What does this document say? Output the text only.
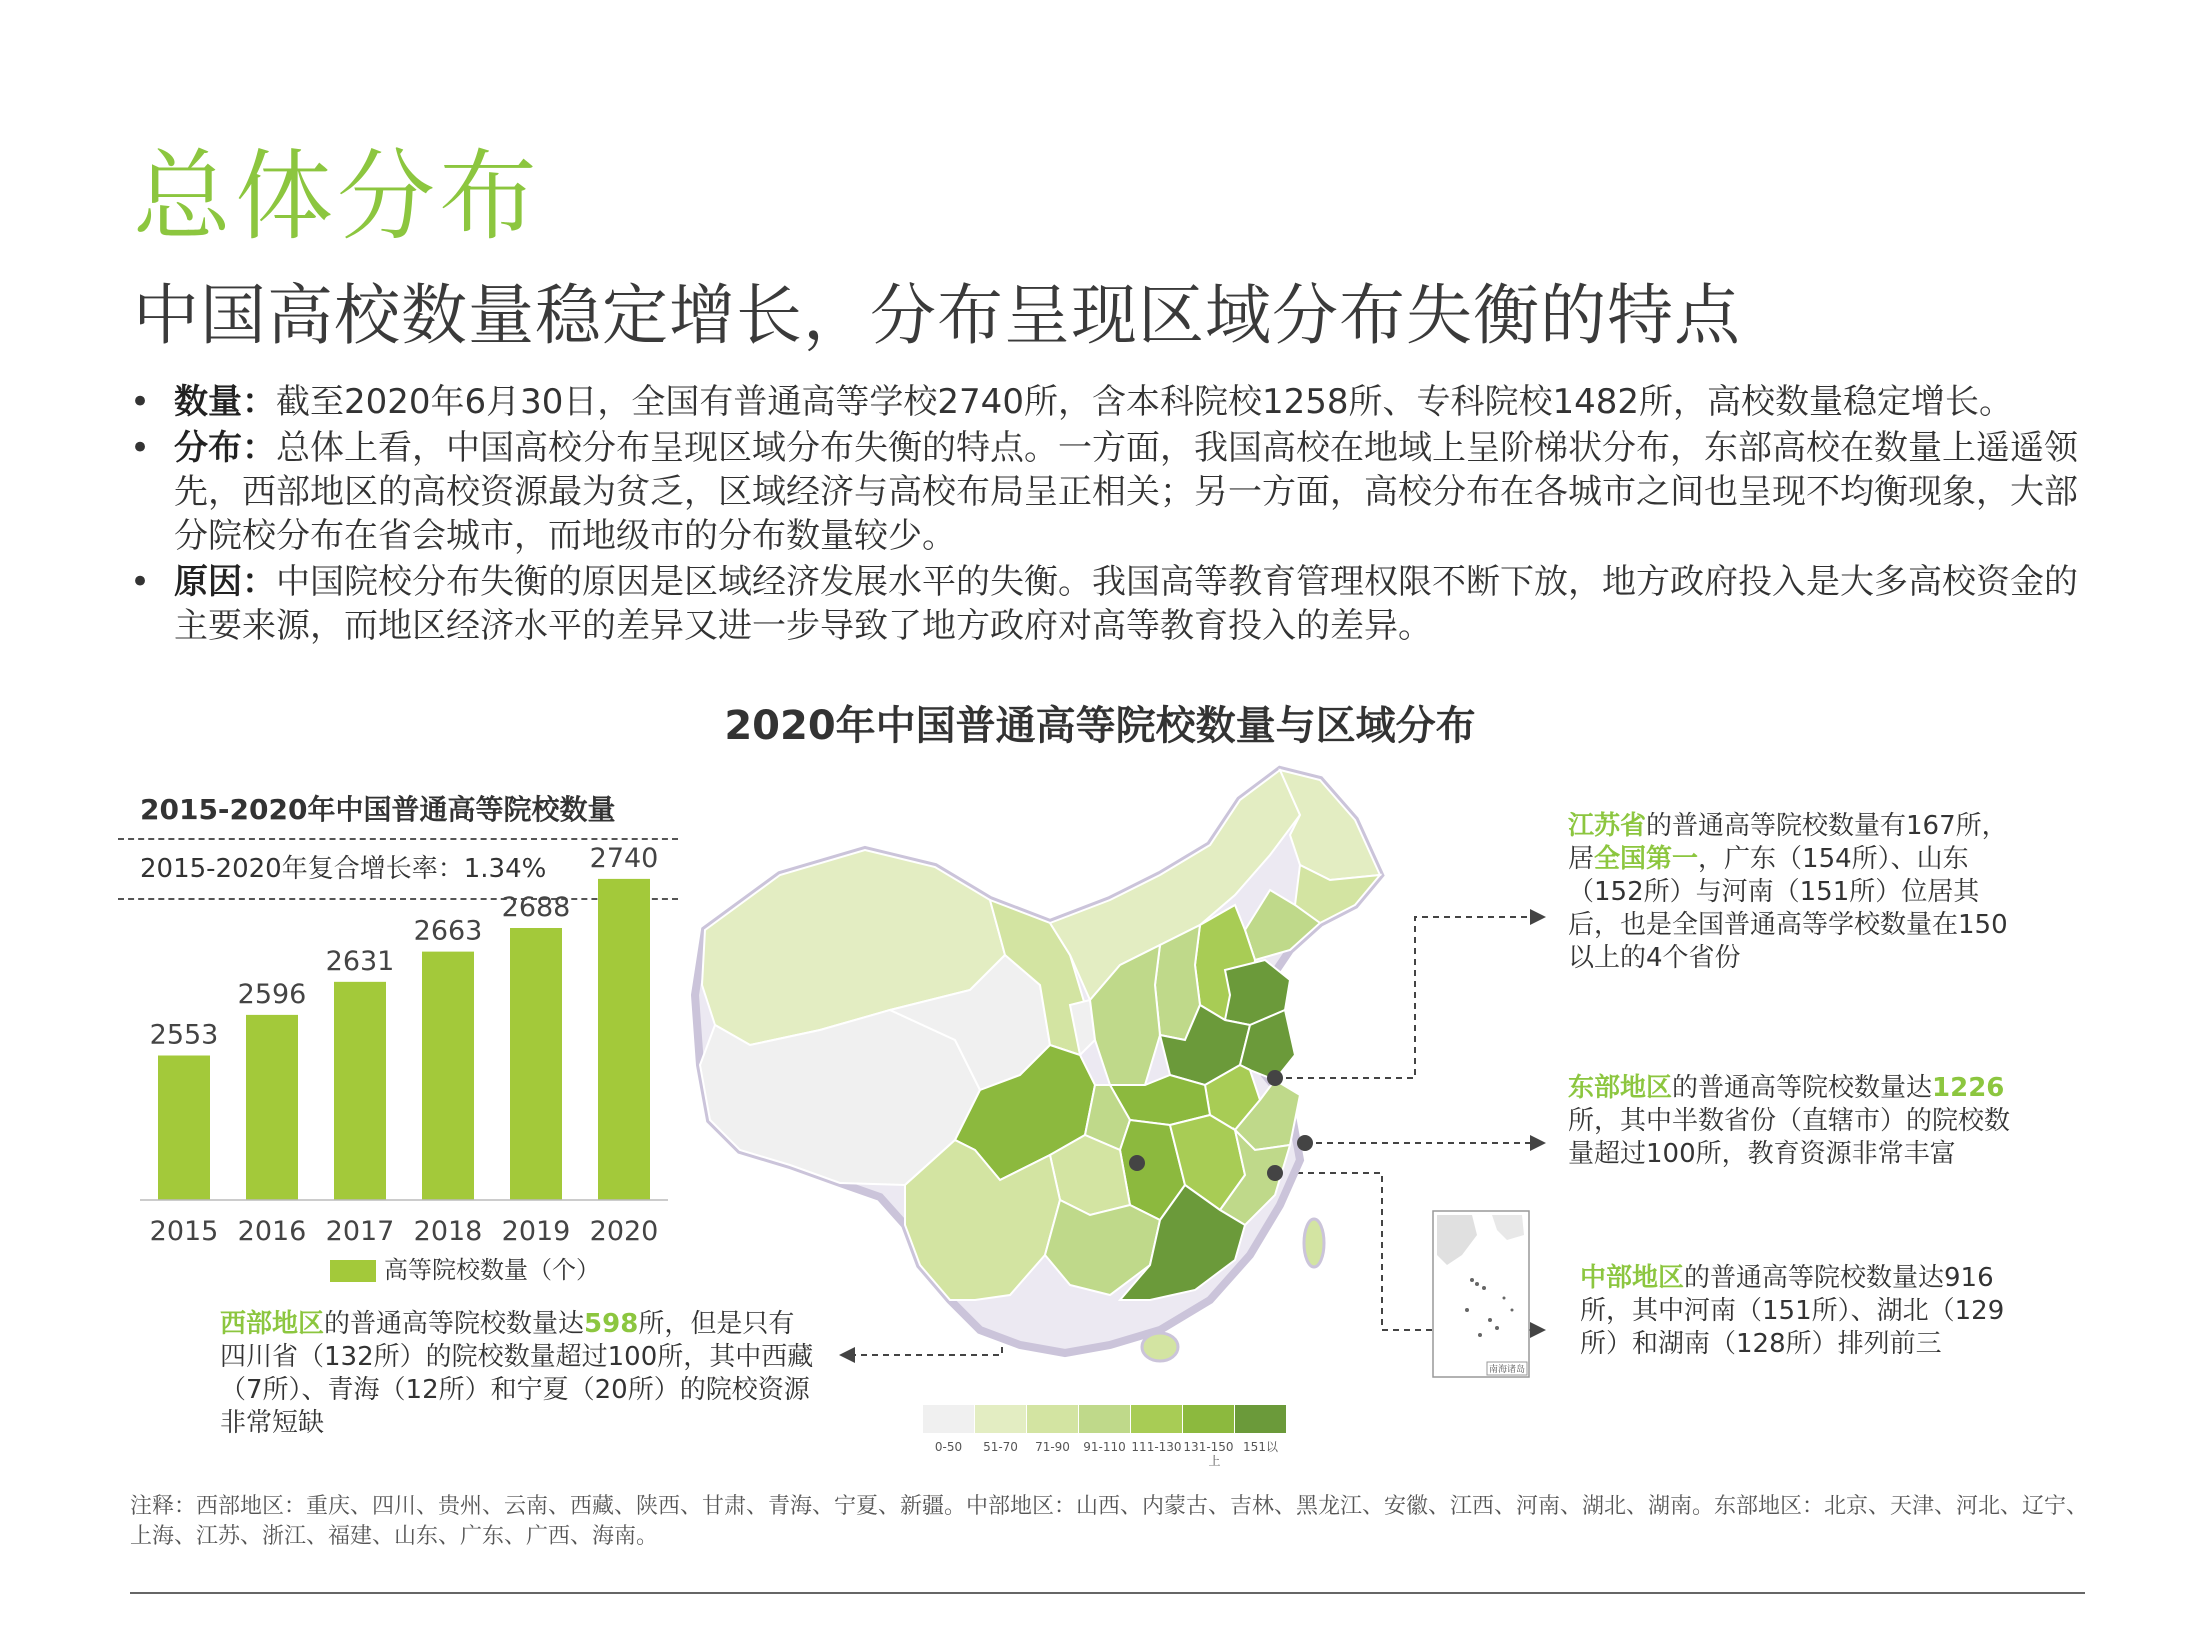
总体分布
中国高校数量稳定增长，分布呈现区域分布失衡的特点
• 数量：截至2020年6月30日，全国有普通高等学校2740所，含本科院校1258所、专科院校1482所，高校数量稳定增长。
• 分布：总体上看，中国高校分布呈现区域分布失衡的特点。一方面，我国高校在地域上呈阶梯状分布，东部高校在数量上遥遥领先，西部地区的高校资源最为贫乏，区域经济与高校布局呈正相关；另一方面，高校分布在各城市之间也呈现不均衡现象，大部分院校分布在省会城市，而地级市的分布数量较少。
• 原因：中国院校分布失衡的原因是区域经济发展水平的失衡。我国高等教育管理权限不断下放，地方政府投入是大多高校资金的主要来源，而地区经济水平的差异又进一步导致了地方政府对高等教育投入的差异。
2020年中国普通高等院校数量与区域分布
2015-2020年中国普通高等院校数量
2015-2020年复合增长率：1.34%
2553
2015
2596
2016
2631
2017
2663
2018
2688
2019
2740
2020
高等院校数量（个）
南海诸岛
0-50 51-70 71-90 91-110 111-130 131-150 151以
上
江苏省的普通高等院校数量有167所，居全国第一，广东（154所）、山东（152所）与河南（151所）位居其后，也是全国普通高等学校数量在150以上的4个省份
东部地区的普通高等院校数量达1226所，其中半数省份（直辖市）的院校数量超过100所，教育资源非常丰富
中部地区的普通高等院校数量达916所，其中河南（151所）、湖北（129所）和湖南（128所）排列前三
西部地区的普通高等院校数量达598所，但是只有四川省（132所）的院校数量超过100所，其中西藏（7所）、青海（12所）和宁夏（20所）的院校资源非常短缺
注释：西部地区：重庆、四川、贵州、云南、西藏、陕西、甘肃、青海、宁夏、新疆。中部地区：山西、内蒙古、吉林、黑龙江、安徽、江西、河南、湖北、湖南。东部地区：北京、天津、河北、辽宁、上海、江苏、浙江、福建、山东、广东、广西、海南。
